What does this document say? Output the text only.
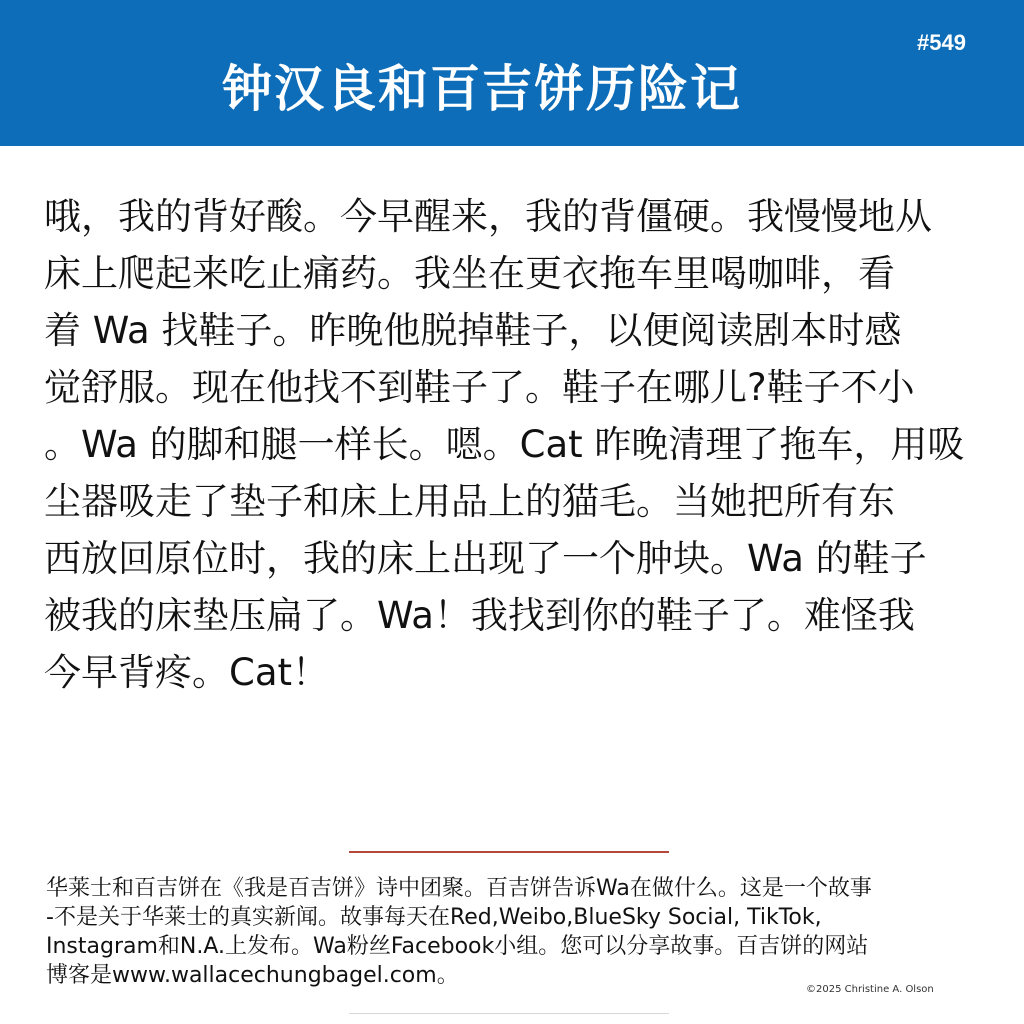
#549
钟汉良和百吉饼历险记
哦，我的背好酸。今早醒来，我的背僵硬。我慢慢地从
床上爬起来吃止痛药。我坐在更衣拖车里喝咖啡，看
着 Wa 找鞋子。昨晚他脱掉鞋子，以便阅读剧本时感
觉舒服。现在他找不到鞋子了。鞋子在哪儿?鞋子不小
。Wa 的脚和腿一样长。嗯。Cat 昨晚清理了拖车，用吸
尘器吸走了垫子和床上用品上的猫毛。当她把所有东
西放回原位时，我的床上出现了一个肿块。Wa 的鞋子
被我的床垫压扁了。Wa！我找到你的鞋子了。难怪我
今早背疼。Cat！
华莱士和百吉饼在《我是百吉饼》诗中团聚。百吉饼告诉Wa在做什么。这是一个故事
-不是关于华莱士的真实新闻。故事每天在Red,Weibo,BlueSky Social, TikTok,
Instagram和N.A.上发布。Wa粉丝Facebook小组。您可以分享故事。百吉饼的网站
博客是www.wallacechungbagel.com。
©2025 Christine A. Olson
